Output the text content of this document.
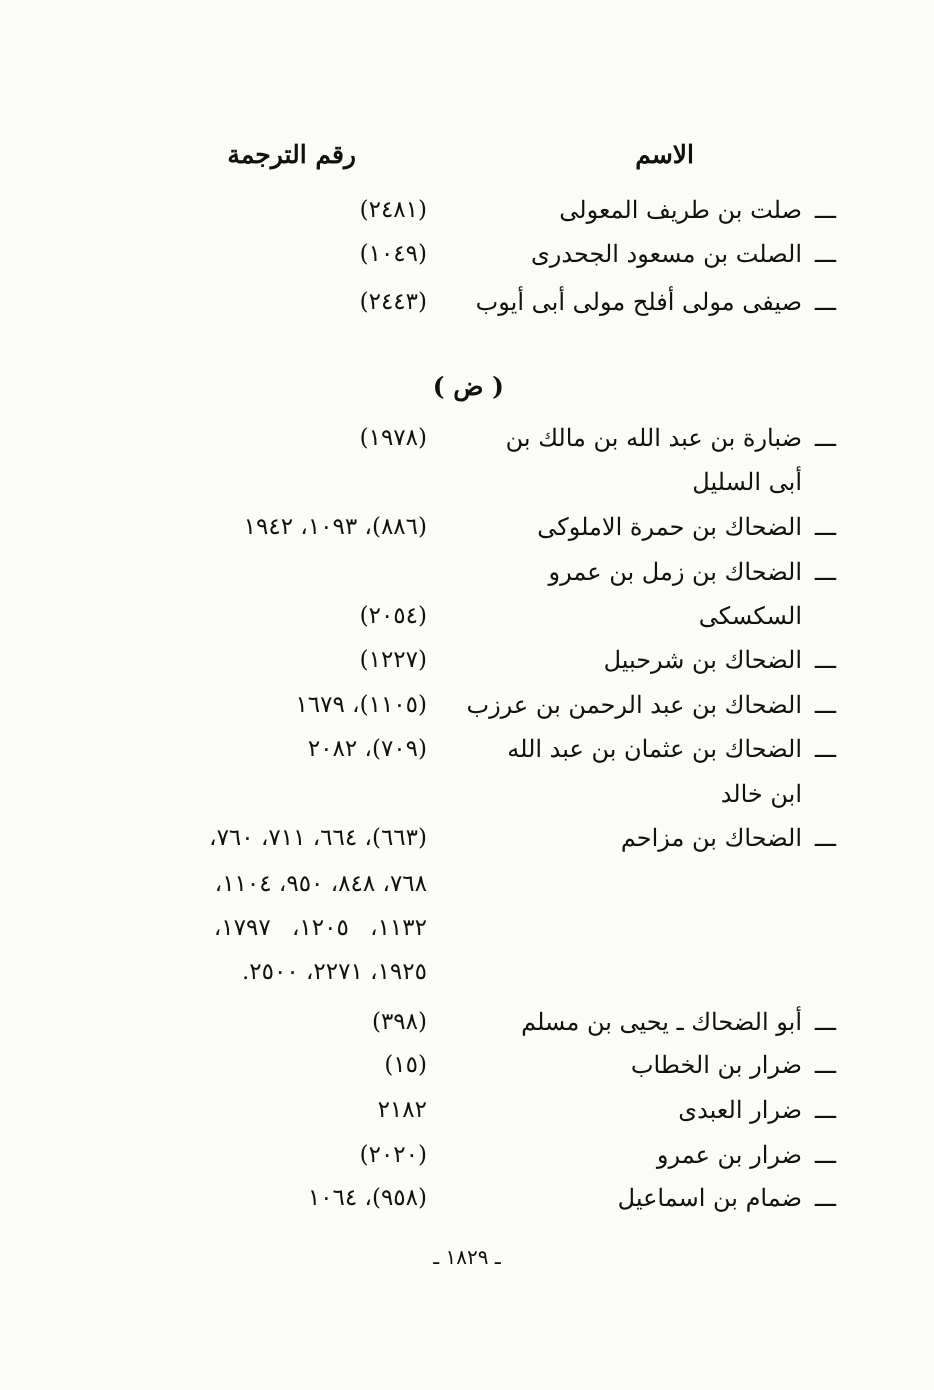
الاسم
رقم الترجمة
ـــ
صلت بن طريف المعولى
(٢٤٨١)
ـــ
الصلت بن مسعود الجحدرى
(١٠٤٩)
ـــ
صيفى مولى أفلح مولى أبى أيوب
(٢٤٤٣)
( ض )
ـــ
ضبارة بن عبد الله بن مالك بن
(١٩٧٨)
أبى السليل
ـــ
الضحاك بن حمرة الاملوكى
(٨٨٦)، ١٠٩٣، ١٩٤٢
ـــ
الضحاك بن زمل بن عمرو
السكسكى
(٢٠٥٤)
ـــ
الضحاك بن شرحبيل
(١٢٢٧)
ـــ
الضحاك بن عبد الرحمن بن عرزب
(١١٠٥)، ١٦٧٩
ـــ
الضحاك بن عثمان بن عبد الله
(٧٠٩)، ٢٠٨٢
ابن خالد
ـــ
الضحاك بن مزاحم
(٦٦٣)، ٦٦٤، ٧١١، ٧٦٠،
٧٦٨، ٨٤٨، ٩٥٠، ١١٠٤،
١١٣٢، ١٢٠٥، ١٧٩٧،
١٩٢٥، ٢٢٧١، ٢٥٠٠.
ـــ
أبو الضحاك ـ يحيى بن مسلم
(٣٩٨)
ـــ
ضرار بن الخطاب
(١٥)
ـــ
ضرار العبدى
٢١٨٢
ـــ
ضرار بن عمرو
(٢٠٢٠)
ـــ
ضمام بن اسماعيل
(٩٥٨)، ١٠٦٤
ـ ١٨٢٩ ـ
